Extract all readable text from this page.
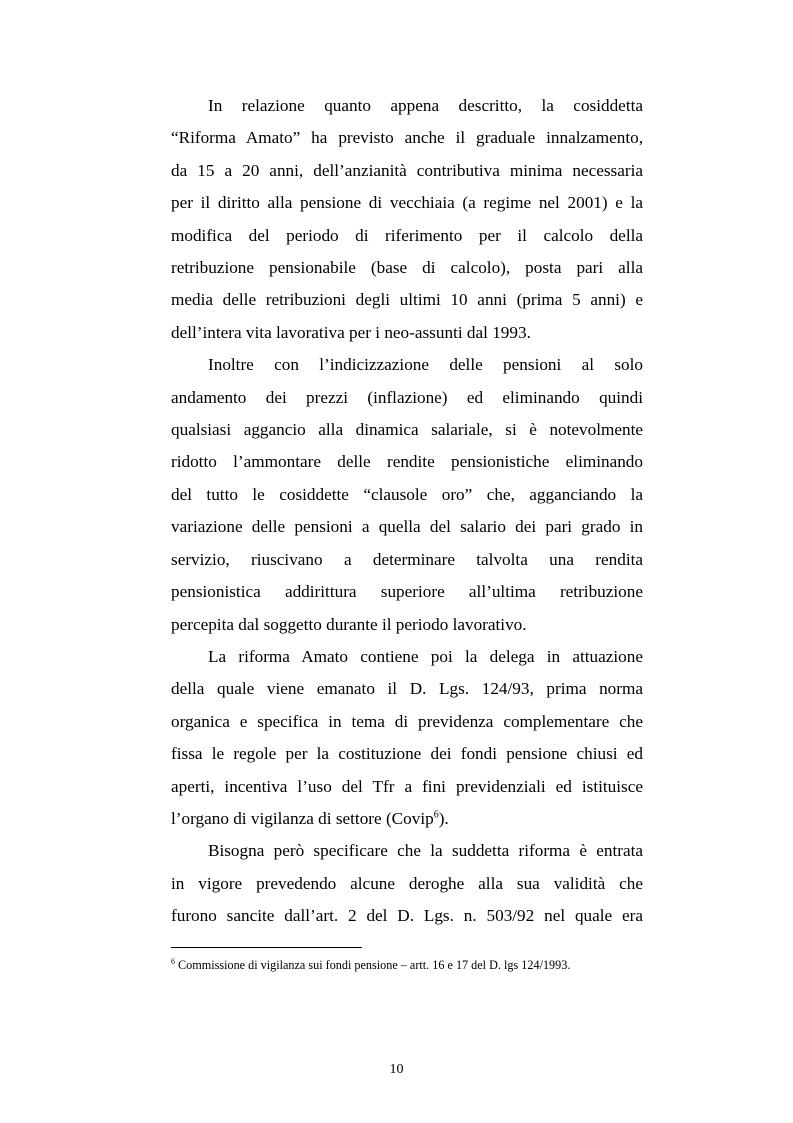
In relazione quanto appena descritto, la cosiddetta
“Riforma Amato” ha previsto anche il graduale innalzamento,
da 15 a 20 anni, dell’anzianità contributiva minima necessaria
per il diritto alla pensione di vecchiaia (a regime nel 2001) e la
modifica del periodo di riferimento per il calcolo della
retribuzione pensionabile (base di calcolo), posta pari alla
media delle retribuzioni degli ultimi 10 anni (prima 5 anni) e
dell’intera vita lavorativa per i neo-assunti dal 1993.
Inoltre con l’indicizzazione delle pensioni al solo
andamento dei prezzi (inflazione) ed eliminando quindi
qualsiasi aggancio alla dinamica salariale, si è notevolmente
ridotto l’ammontare delle rendite pensionistiche eliminando
del tutto le cosiddette “clausole oro” che, agganciando la
variazione delle pensioni a quella del salario dei pari grado in
servizio, riuscivano a determinare talvolta una rendita
pensionistica addirittura superiore all’ultima retribuzione
percepita dal soggetto durante il periodo lavorativo.
La riforma Amato contiene poi la delega in attuazione
della quale viene emanato il D. Lgs. 124/93, prima norma
organica e specifica in tema di previdenza complementare che
fissa le regole per la costituzione dei fondi pensione chiusi ed
aperti, incentiva l’uso del Tfr a fini previdenziali ed istituisce
l’organo di vigilanza di settore (Covip$^6$).
Bisogna però specificare che la suddetta riforma è entrata
in vigore prevedendo alcune deroghe alla sua validità che
furono sancite dall’art. 2 del D. Lgs. n. 503/92 nel quale era
$^6$ Commissione di vigilanza sui fondi pensione – artt. 16 e 17 del D. lgs 124/1993.
10
